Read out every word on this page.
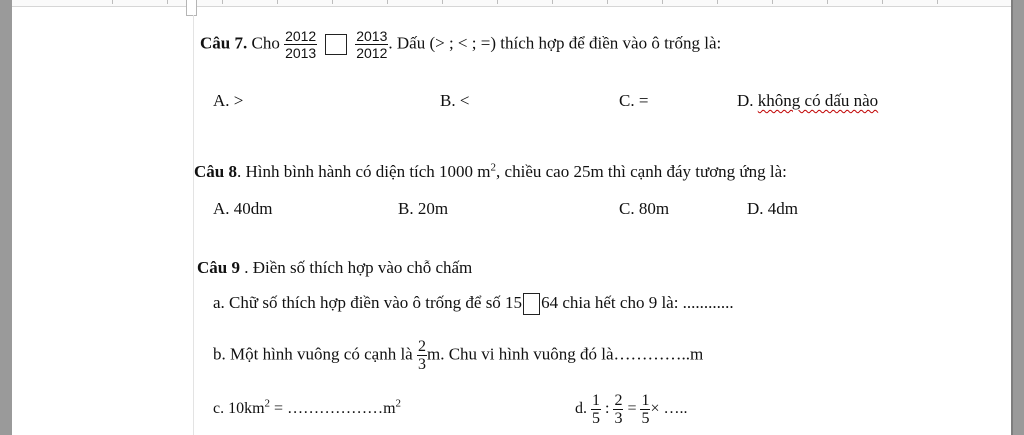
Câu 7. Cho $\frac{2012}{2013}$	$\frac{2013}{2012}$ . Dấu (> ; < ; =) thích hợp để điền vào ô trống là:
A. >	B. <	C. =	D. không có dấu nào
Câu 8. Hình bình hành có diện tích 1000 $m^2$, chiều cao 25m thì cạnh đáy tương ứng là:
A. 40dm	B. 20m	C. 80m	D. 4dm
Câu 9 . Điền số thích hợp vào chỗ chấm
a. Chữ số thích hợp điền vào ô trống để số 15 64 chia hết cho 9 là: ............
b. Một hình vuông có cạnh là $\frac{2}{3} m$. Chu vi hình vuông đó là…………..m
c. $10km^2$ = $\dots\dots\dots\dots\dots\dots m^2$	d. $\frac{1}{5}$ : $\frac{2}{3} = \frac{1}{5}$ × …..
